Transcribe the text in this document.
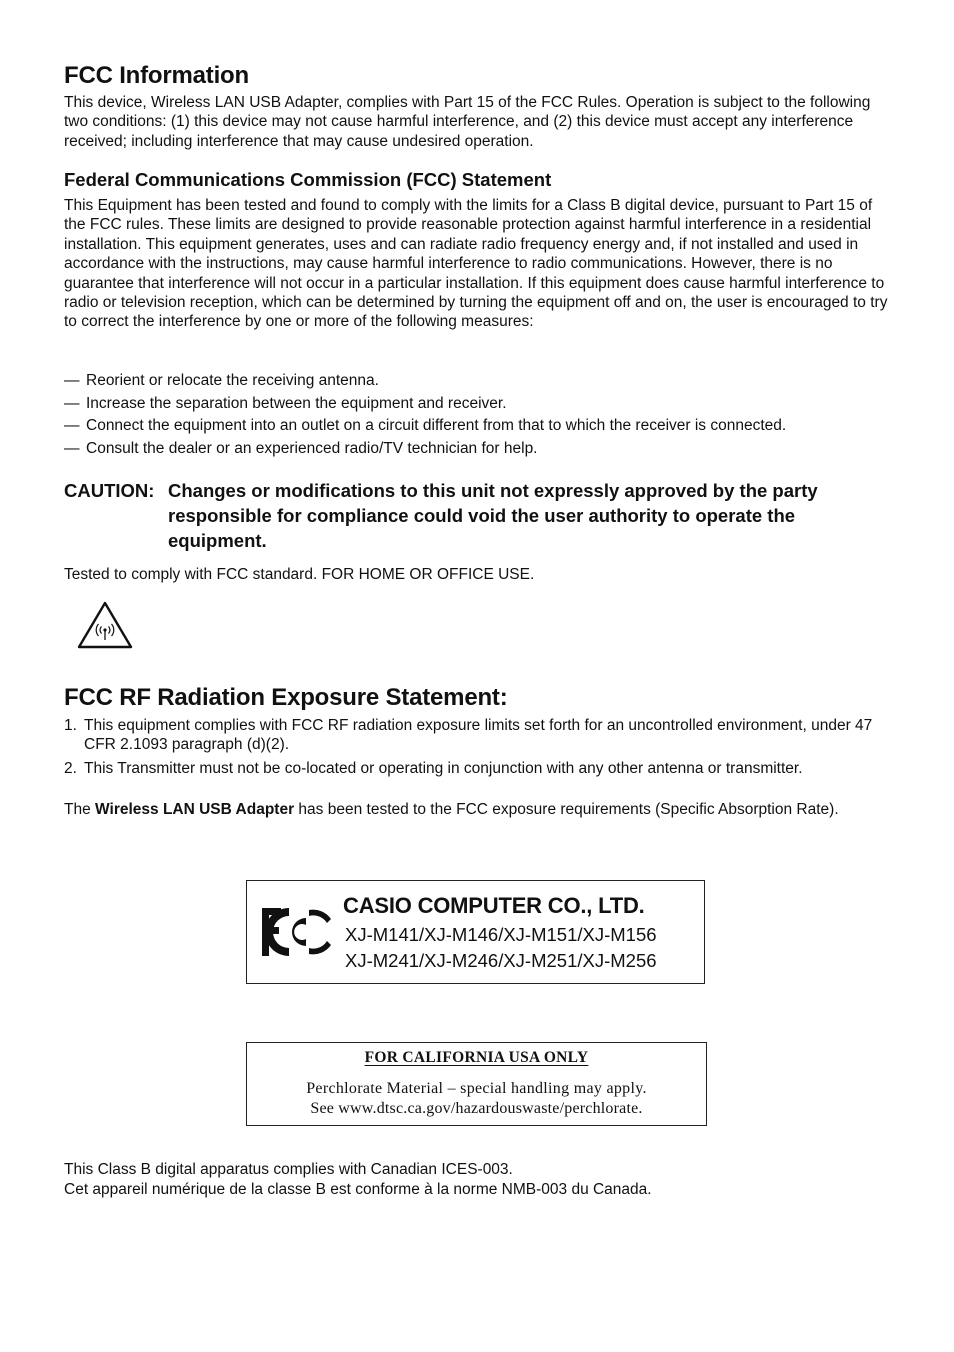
FCC Information

This device, Wireless LAN USB Adapter, complies with Part 15 of the FCC Rules. Operation is subject to the following two conditions: (1) this device may not cause harmful interference, and (2) this device must accept any interference received; including interference that may cause undesired operation.

Federal Communications Commission (FCC) Statement

This Equipment has been tested and found to comply with the limits for a Class B digital device, pursuant to Part 15 of the FCC rules. These limits are designed to provide reasonable protection against harmful interference in a residential installation. This equipment generates, uses and can radiate radio frequency energy and, if not installed and used in accordance with the instructions, may cause harmful interference to radio communications. However, there is no guarantee that interference will not occur in a particular installation. If this equipment does cause harmful interference to radio or television reception, which can be determined by turning the equipment off and on, the user is encouraged to try to correct the interference by one or more of the following measures:

— Reorient or relocate the receiving antenna.
— Increase the separation between the equipment and receiver.
— Connect the equipment into an outlet on a circuit different from that to which the receiver is connected.
— Consult the dealer or an experienced radio/TV technician for help.
CAUTION: Changes or modifications to this unit not expressly approved by the party responsible for compliance could void the user authority to operate the equipment.

Tested to comply with FCC standard. FOR HOME OR OFFICE USE.

FCC RF Radiation Exposure Statement:
1. This equipment complies with FCC RF radiation exposure limits set forth for an uncontrolled environment, under 47 CFR 2.1093 paragraph (d)(2).
2. This Transmitter must not be co-located or operating in conjunction with any other antenna or transmitter.

The Wireless LAN USB Adapter has been tested to the FCC exposure requirements (Specific Absorption Rate).

CASIO COMPUTER CO., LTD.
XJ-M141/XJ-M146/XJ-M151/XJ-M156
XJ-M241/XJ-M246/XJ-M251/XJ-M256
FOR CALIFORNIA USA ONLY
Perchlorate Material – special handling may apply.
See www.dtsc.ca.gov/hazardouswaste/perchlorate.

This Class B digital apparatus complies with Canadian ICES-003.

Cet appareil numérique de la classe B est conforme à la norme NMB-003 du Canada.
